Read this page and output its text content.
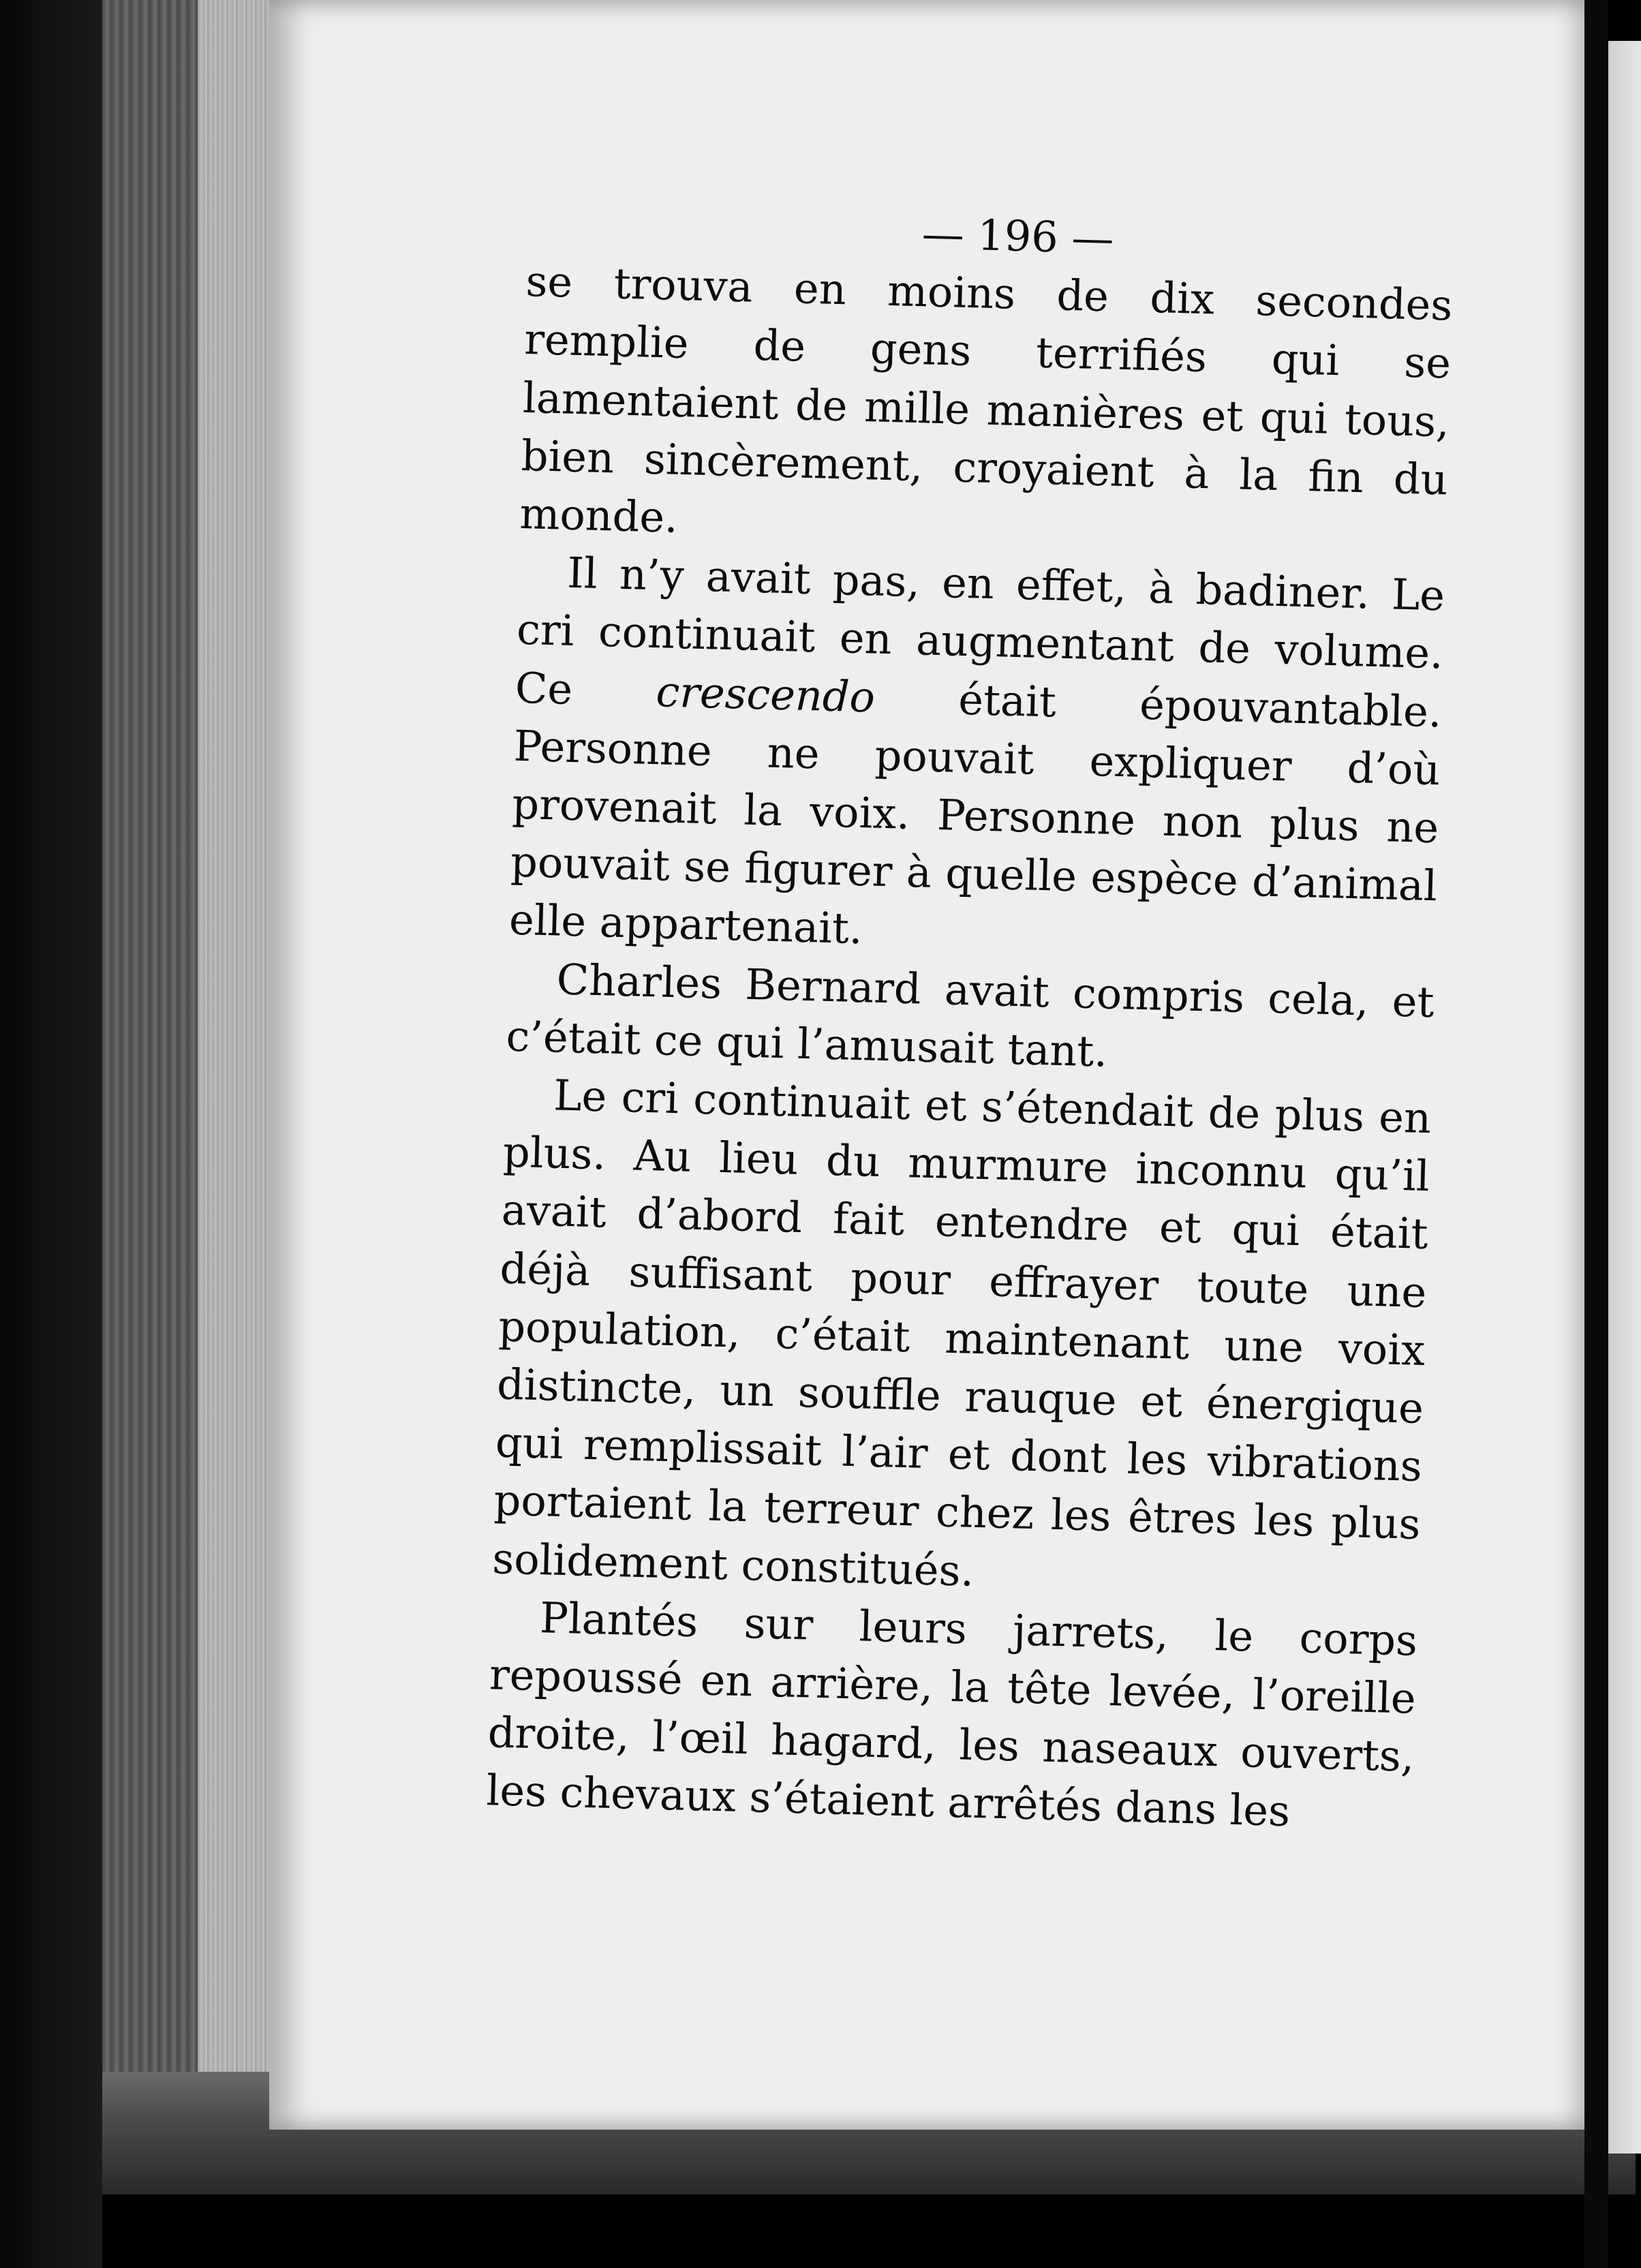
— 196 —

se trouva en moins de dix secondes remplie de gens terrifiés qui se lamentaient de mille manières et qui tous, bien sincèrement, croyaient à la fin du monde.

Il n’y avait pas, en effet, à badiner. Le cri continuait en augmentant de volume. Ce crescendo était épouvantable. Personne ne pouvait expliquer d’où provenait la voix. Personne non plus ne pouvait se figurer à quelle espèce d’animal elle appartenait.

Charles Bernard avait compris cela, et c’était ce qui l’amusait tant.

Le cri continuait et s’étendait de plus en plus. Au lieu du murmure inconnu qu’il avait d’abord fait entendre et qui était déjà suffisant pour effrayer toute une population, c’était maintenant une voix distincte, un souffle rauque et énergique qui remplissait l’air et dont les vibrations portaient la terreur chez les êtres les plus solidement constitués.

Plantés sur leurs jarrets, le corps repoussé en arrière, la tête levée, l’oreille droite, l’œil hagard, les naseaux ouverts, les chevaux s’étaient arrêtés dans les
